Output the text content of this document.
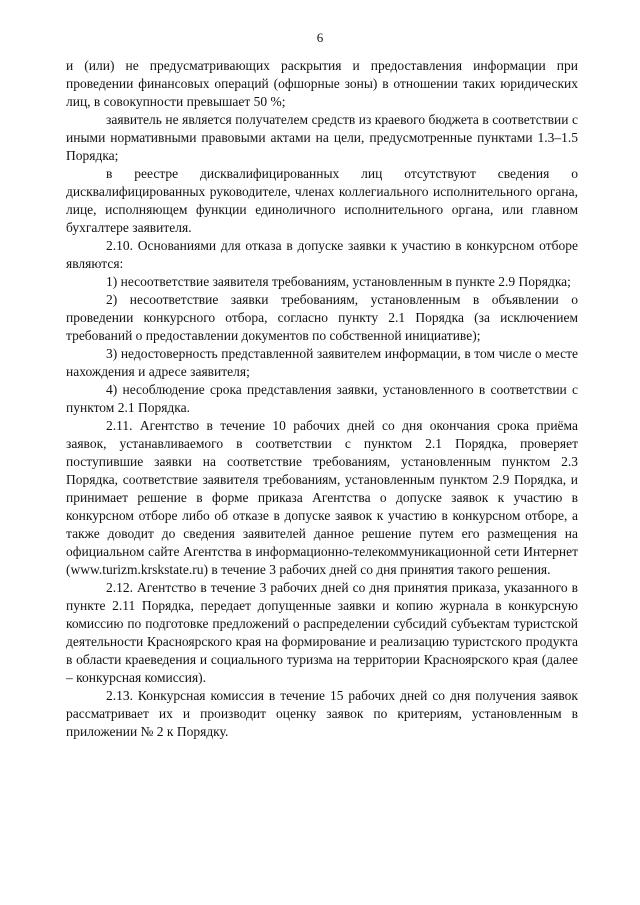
6

и (или) не предусматривающих раскрытия и предоставления информации при проведении финансовых операций (офшорные зоны) в отношении таких юридических лиц, в совокупности превышает 50 %;

заявитель не является получателем средств из краевого бюджета в соответствии с иными нормативными правовыми актами на цели, предусмотренные пунктами 1.3–1.5 Порядка;

в реестре дисквалифицированных лиц отсутствуют сведения о дисквалифицированных руководителе, членах коллегиального исполнительного органа, лице, исполняющем функции единоличного исполнительного органа, или главном бухгалтере заявителя.

2.10. Основаниями для отказа в допуске заявки к участию в конкурсном отборе являются:

1) несоответствие заявителя требованиям, установленным в пункте 2.9 Порядка;

2) несоответствие заявки требованиям, установленным в объявлении о проведении конкурсного отбора, согласно пункту 2.1 Порядка (за исключением требований о предоставлении документов по собственной инициативе);

3) недостоверность представленной заявителем информации, в том числе о месте нахождения и адресе заявителя;

4) несоблюдение срока представления заявки, установленного в соответствии с пунктом 2.1 Порядка.

2.11. Агентство в течение 10 рабочих дней со дня окончания срока приёма заявок, устанавливаемого в соответствии с пунктом 2.1 Порядка, проверяет поступившие заявки на соответствие требованиям, установленным пунктом 2.3 Порядка, соответствие заявителя требованиям, установленным пунктом 2.9 Порядка, и принимает решение в форме приказа Агентства о допуске заявок к участию в конкурсном отборе либо об отказе в допуске заявок к участию в конкурсном отборе, а также доводит до сведения заявителей данное решение путем его размещения на официальном сайте Агентства в информационно-телекоммуникационной сети Интернет (www.turizm.krskstate.ru) в течение 3 рабочих дней со дня принятия такого решения.

2.12. Агентство в течение 3 рабочих дней со дня принятия приказа, указанного в пункте 2.11 Порядка, передает допущенные заявки и копию журнала в конкурсную комиссию по подготовке предложений о распределении субсидий субъектам туристской деятельности Красноярского края на формирование и реализацию туристского продукта в области краеведения и социального туризма на территории Красноярского края (далее – конкурсная комиссия).

2.13. Конкурсная комиссия в течение 15 рабочих дней со дня получения заявок рассматривает их и производит оценку заявок по критериям, установленным в приложении № 2 к Порядку.
